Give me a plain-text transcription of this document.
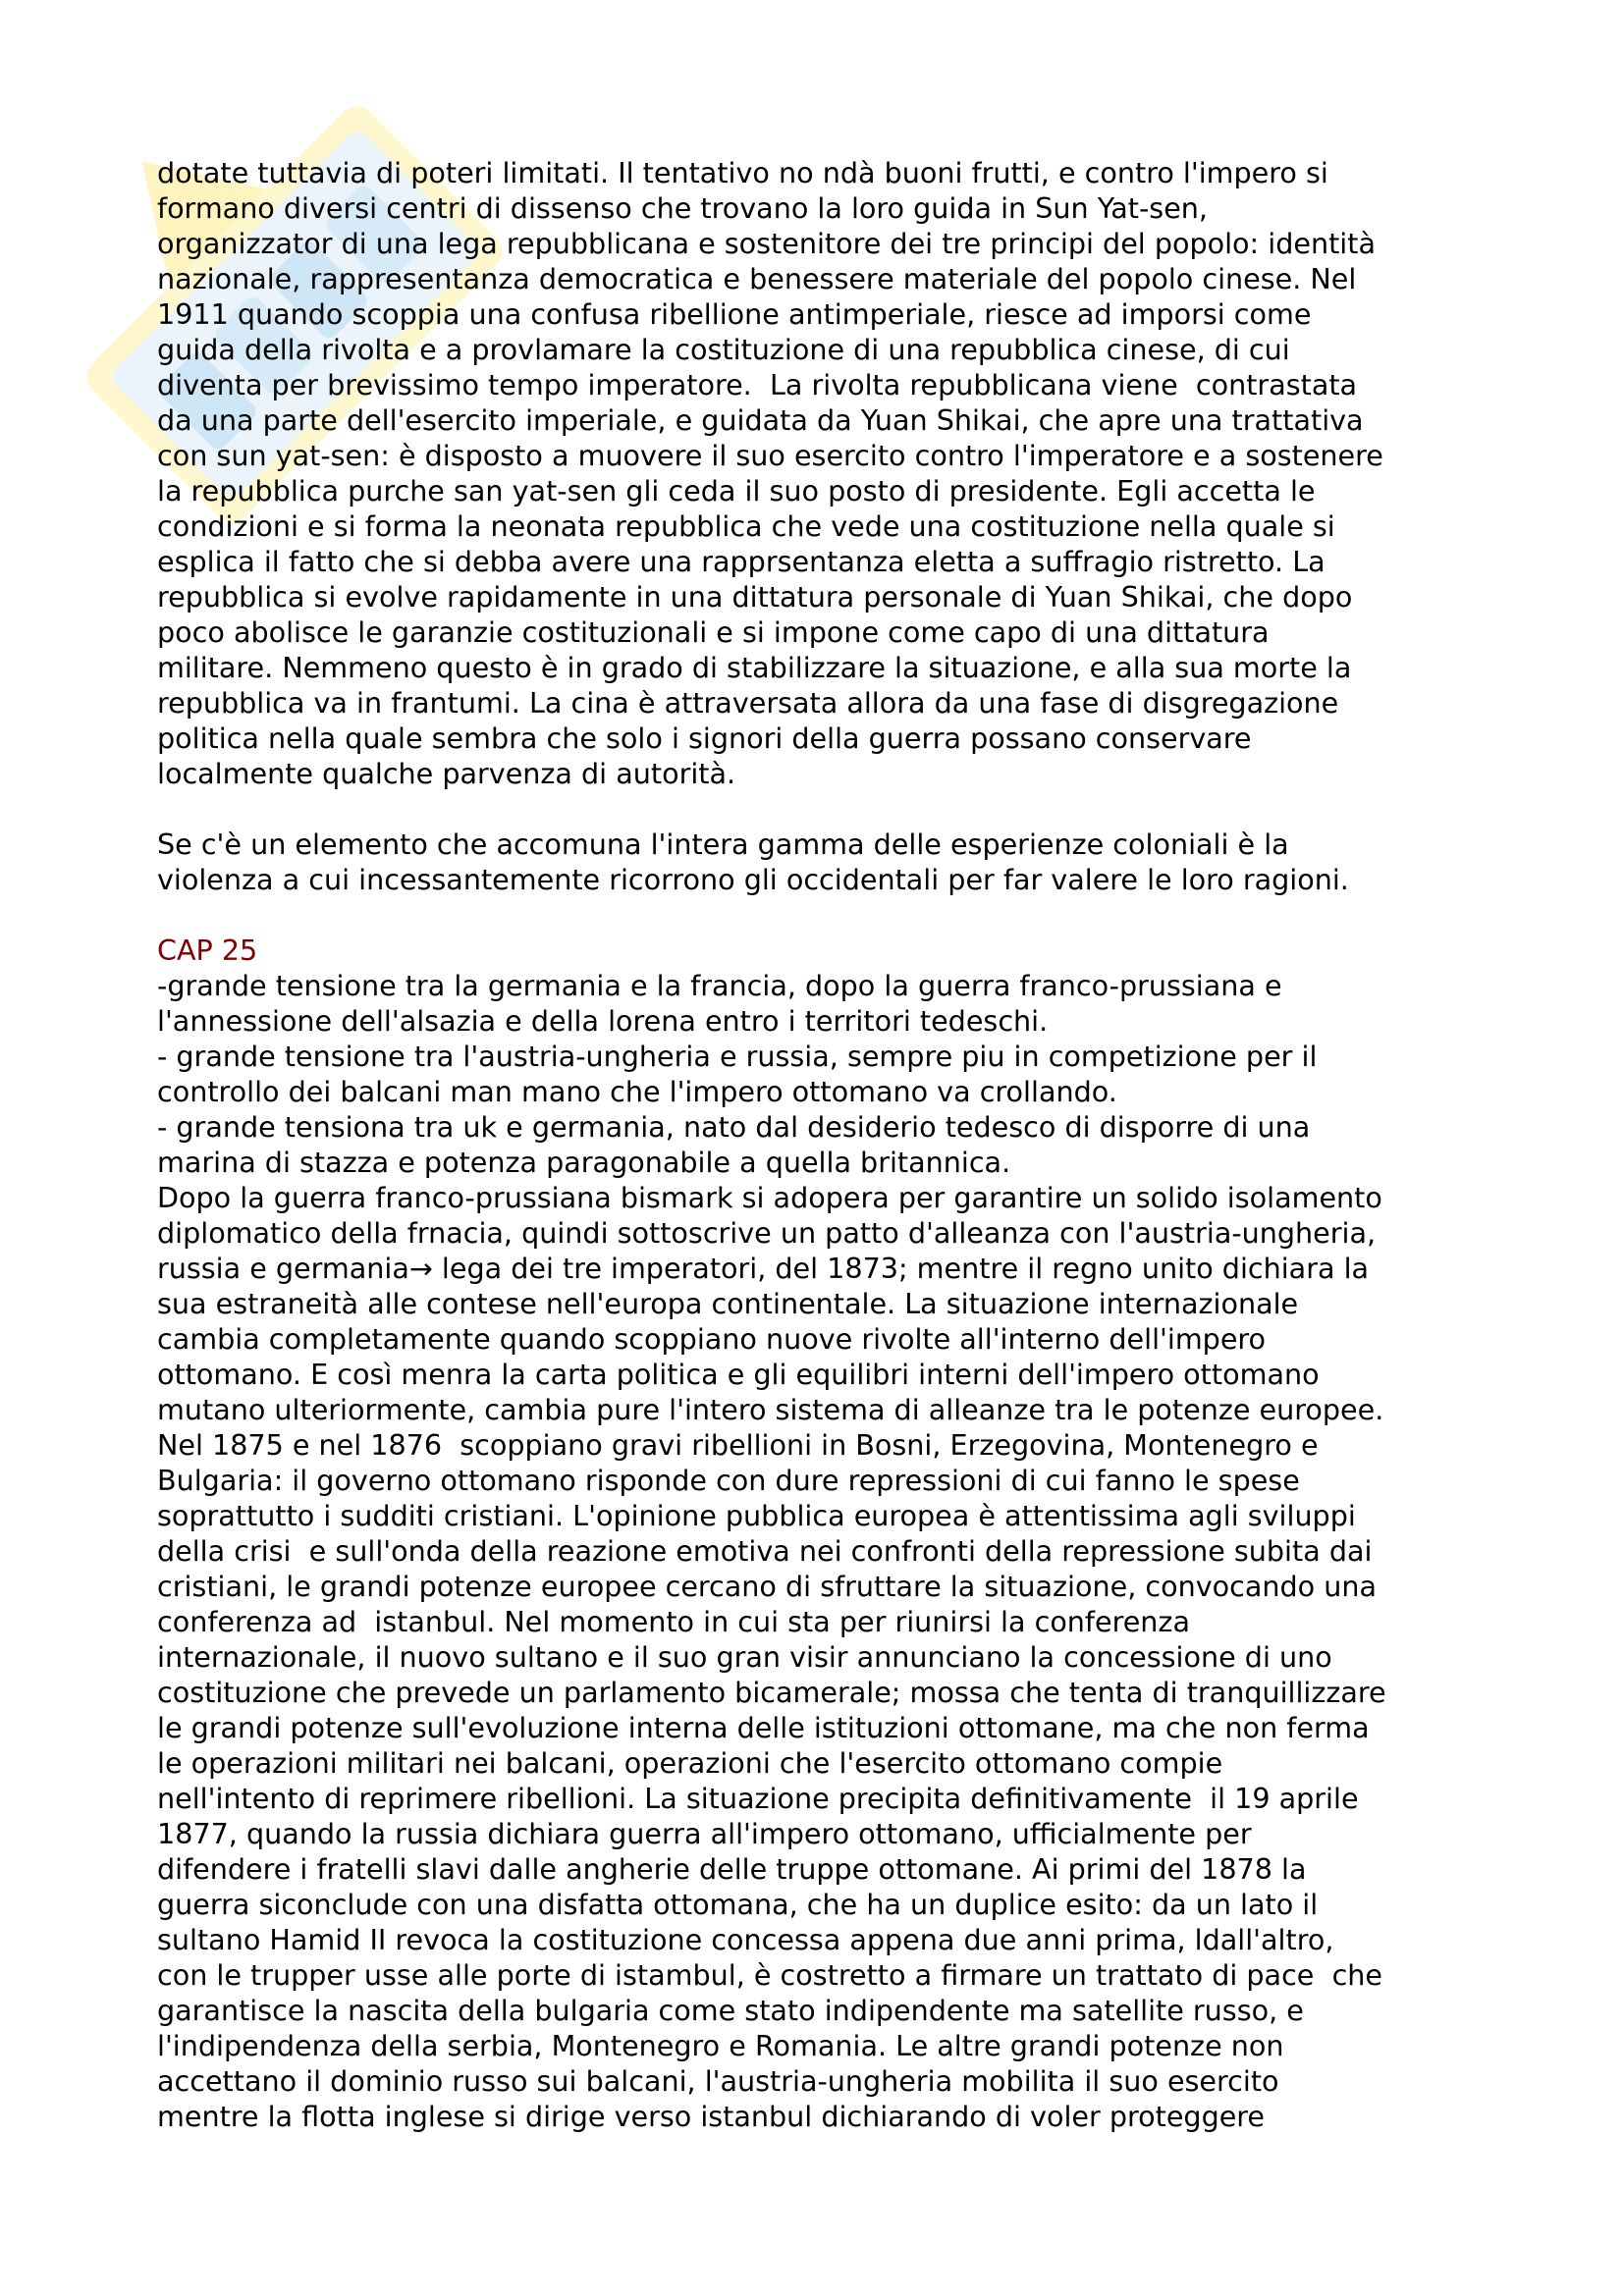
dotate tuttavia di poteri limitati. Il tentativo no ndà buoni frutti, e contro l'impero si
formano diversi centri di dissenso che trovano la loro guida in Sun Yat-sen,
organizzator di una lega repubblicana e sostenitore dei tre principi del popolo: identità
nazionale, rappresentanza democratica e benessere materiale del popolo cinese. Nel
1911 quando scoppia una confusa ribellione antimperiale, riesce ad imporsi come
guida della rivolta e a provlamare la costituzione di una repubblica cinese, di cui
diventa per brevissimo tempo imperatore.  La rivolta repubblicana viene  contrastata
da una parte dell'esercito imperiale, e guidata da Yuan Shikai, che apre una trattativa
con sun yat-sen: è disposto a muovere il suo esercito contro l'imperatore e a sostenere
la repubblica purche san yat-sen gli ceda il suo posto di presidente. Egli accetta le
condizioni e si forma la neonata repubblica che vede una costituzione nella quale si
esplica il fatto che si debba avere una rapprsentanza eletta a suffragio ristretto. La
repubblica si evolve rapidamente in una dittatura personale di Yuan Shikai, che dopo
poco abolisce le garanzie costituzionali e si impone come capo di una dittatura
militare. Nemmeno questo è in grado di stabilizzare la situazione, e alla sua morte la
repubblica va in frantumi. La cina è attraversata allora da una fase di disgregazione
politica nella quale sembra che solo i signori della guerra possano conservare
localmente qualche parvenza di autorità.
Se c'è un elemento che accomuna l'intera gamma delle esperienze coloniali è la
violenza a cui incessantemente ricorrono gli occidentali per far valere le loro ragioni.
CAP 25
-grande tensione tra la germania e la francia, dopo la guerra franco-prussiana e
l'annessione dell'alsazia e della lorena entro i territori tedeschi.
- grande tensione tra l'austria-ungheria e russia, sempre piu in competizione per il
controllo dei balcani man mano che l'impero ottomano va crollando.
- grande tensiona tra uk e germania, nato dal desiderio tedesco di disporre di una
marina di stazza e potenza paragonabile a quella britannica.
Dopo la guerra franco-prussiana bismark si adopera per garantire un solido isolamento
diplomatico della frnacia, quindi sottoscrive un patto d'alleanza con l'austria-ungheria,
russia e germania→ lega dei tre imperatori, del 1873; mentre il regno unito dichiara la
sua estraneità alle contese nell'europa continentale. La situazione internazionale
cambia completamente quando scoppiano nuove rivolte all'interno dell'impero
ottomano. E così menra la carta politica e gli equilibri interni dell'impero ottomano
mutano ulteriormente, cambia pure l'intero sistema di alleanze tra le potenze europee.
Nel 1875 e nel 1876  scoppiano gravi ribellioni in Bosni, Erzegovina, Montenegro e
Bulgaria: il governo ottomano risponde con dure repressioni di cui fanno le spese
soprattutto i sudditi cristiani. L'opinione pubblica europea è attentissima agli sviluppi
della crisi  e sull'onda della reazione emotiva nei confronti della repressione subita dai
cristiani, le grandi potenze europee cercano di sfruttare la situazione, convocando una
conferenza ad  istanbul. Nel momento in cui sta per riunirsi la conferenza
internazionale, il nuovo sultano e il suo gran visir annunciano la concessione di uno
costituzione che prevede un parlamento bicamerale; mossa che tenta di tranquillizzare
le grandi potenze sull'evoluzione interna delle istituzioni ottomane, ma che non ferma
le operazioni militari nei balcani, operazioni che l'esercito ottomano compie
nell'intento di reprimere ribellioni. La situazione precipita definitivamente  il 19 aprile
1877, quando la russia dichiara guerra all'impero ottomano, ufficialmente per
difendere i fratelli slavi dalle angherie delle truppe ottomane. Ai primi del 1878 la
guerra siconclude con una disfatta ottomana, che ha un duplice esito: da un lato il
sultano Hamid II revoca la costituzione concessa appena due anni prima, ldall'altro,
con le trupper usse alle porte di istambul, è costretto a firmare un trattato di pace  che
garantisce la nascita della bulgaria come stato indipendente ma satellite russo, e
l'indipendenza della serbia, Montenegro e Romania. Le altre grandi potenze non
accettano il dominio russo sui balcani, l'austria-ungheria mobilita il suo esercito
mentre la flotta inglese si dirige verso istanbul dichiarando di voler proteggere
